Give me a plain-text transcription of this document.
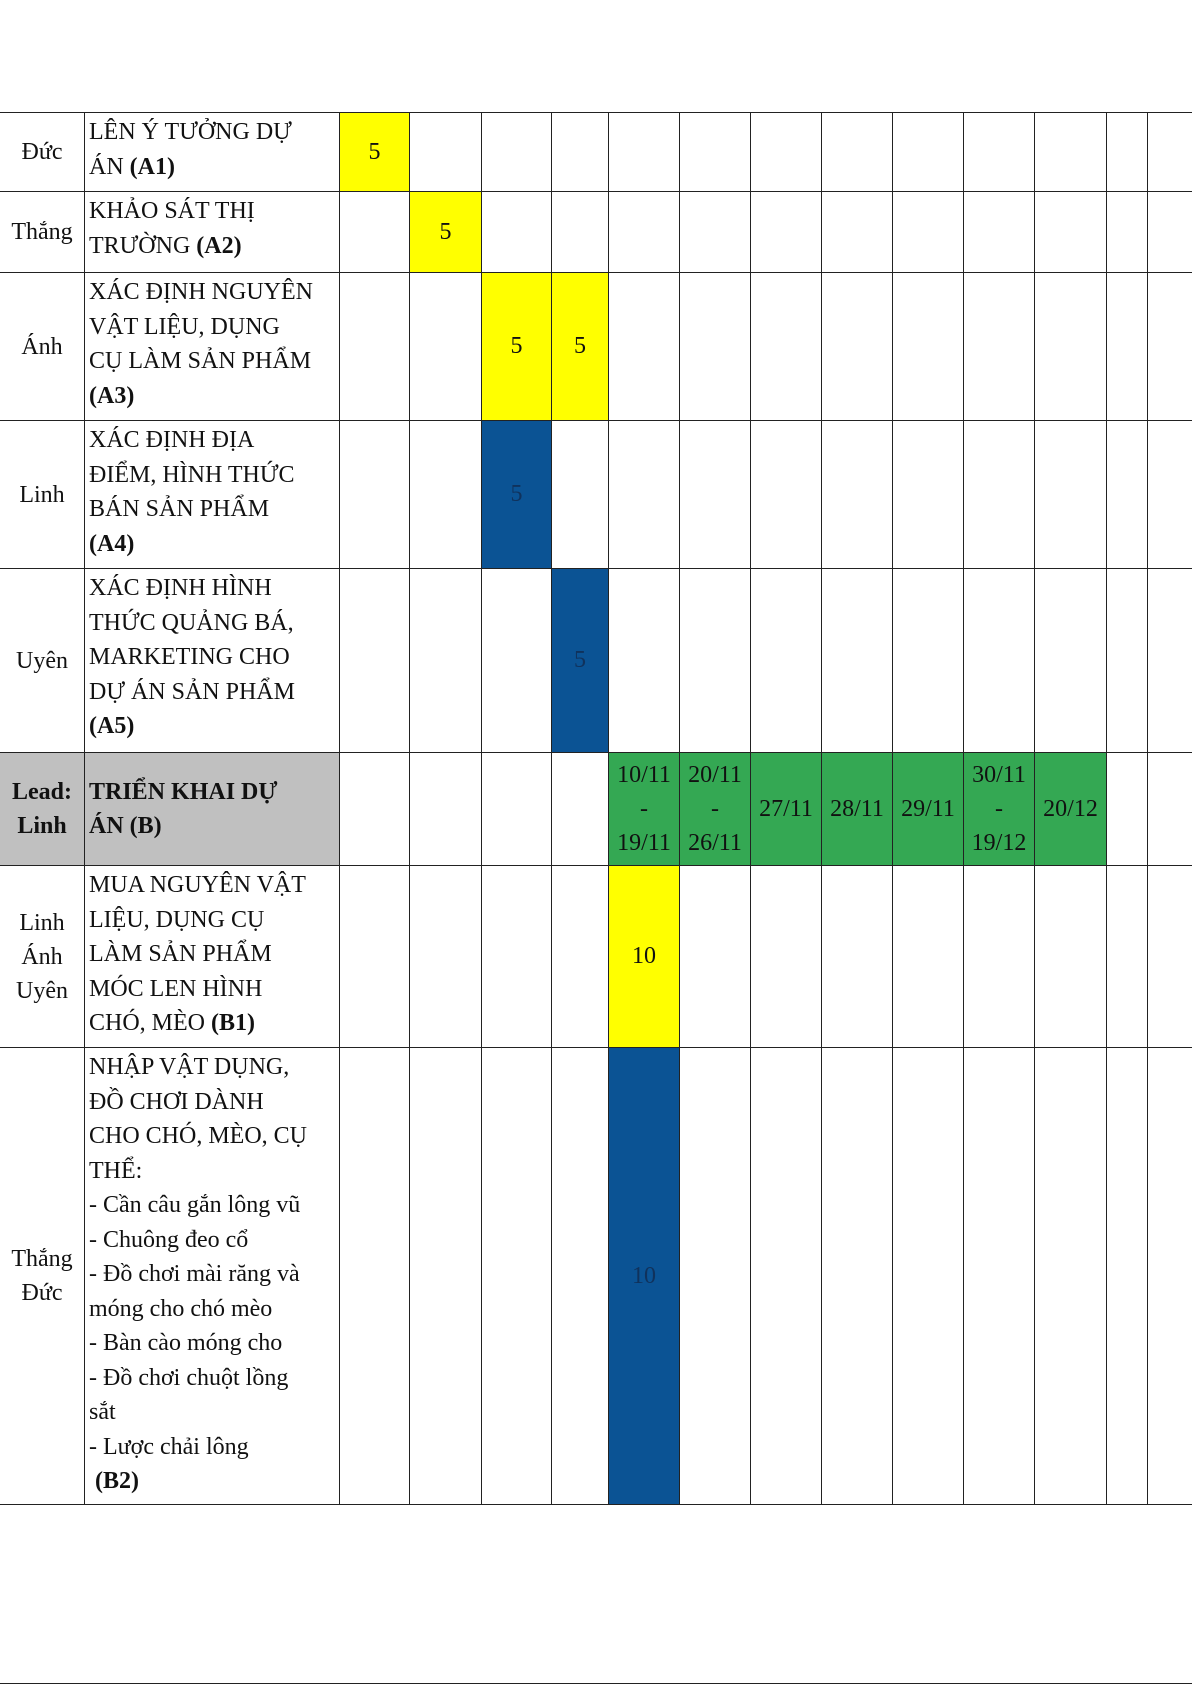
Đức
LÊN Ý TƯỞNG DỰ
ÁN (A1)
5
Thắng
KHẢO SÁT THỊ
TRƯỜNG (A2)
5
Ánh
XÁC ĐỊNH NGUYÊN
VẬT LIỆU, DỤNG
CỤ LÀM SẢN PHẨM
(A3)
5 5
Linh
XÁC ĐỊNH ĐỊA
ĐIỂM, HÌNH THỨC
BÁN SẢN PHẨM
(A4)
5
Uyên
XÁC ĐỊNH HÌNH
THỨC QUẢNG BÁ,
MARKETING CHO
DỰ ÁN SẢN PHẨM
(A5)
5
Lead:
Linh
TRIỂN KHAI DỰ
ÁN (B)
10/11
-
19/11
20/11
-
26/11
27/11 28/11 29/11
30/11
-
19/12
20/12
Linh
Ánh
Uyên
MUA NGUYÊN VẬT
LIỆU, DỤNG CỤ
LÀM SẢN PHẨM
MÓC LEN HÌNH
CHÓ, MÈO (B1)
10
Thắng
Đức
NHẬP VẬT DỤNG,
ĐỒ CHƠI DÀNH
CHO CHÓ, MÈO, CỤ
THỂ:
- Cần câu gắn lông vũ
- Chuông đeo cổ
- Đồ chơi mài răng và
móng cho chó mèo
- Bàn cào móng cho
- Đồ chơi chuột lồng
sắt
- Lược chải lông
(B2)
10
